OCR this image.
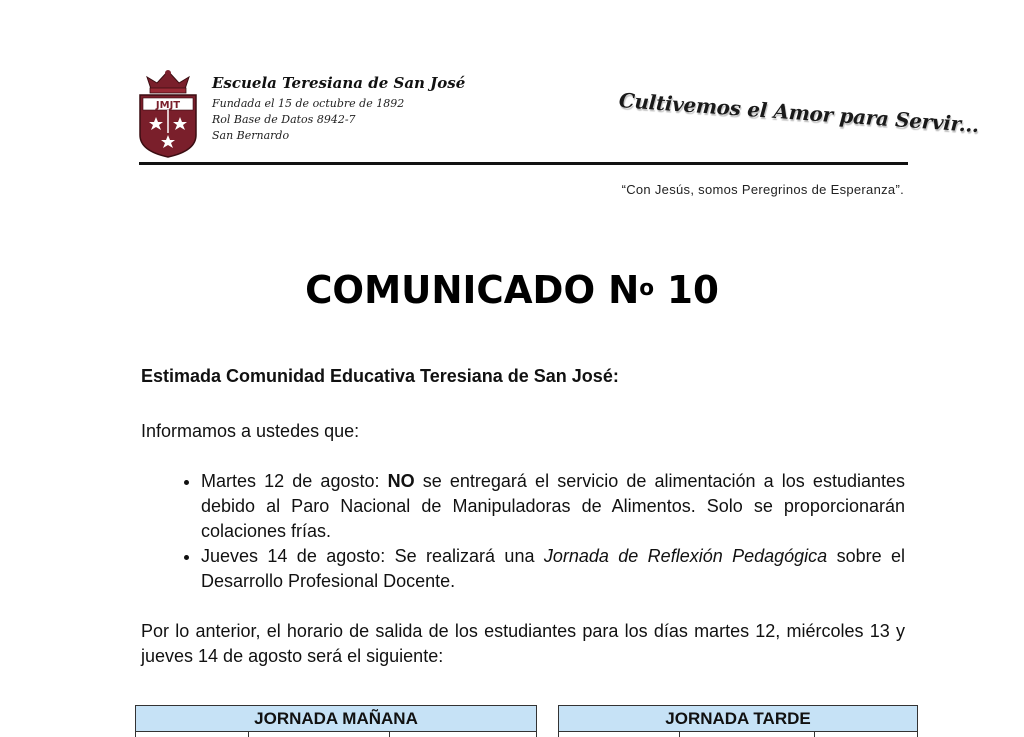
JMJT
Escuela Teresiana de San José
Fundada el 15 de octubre de 1892
Rol Base de Datos 8942-7
San Bernardo	Cultivemos el Amor para Servir...
“Con Jesús, somos Peregrinos de Esperanza”.
COMUNICADO $N^o$ 10

Estimada Comunidad Educativa Teresiana de San José:

Informamos a ustedes que:

• Martes 12 de agosto: NO se entregará el servicio de alimentación a los estudiantes debido al Paro Nacional de Manipuladoras de Alimentos. Solo se proporcionarán colaciones frías.
• Jueves 14 de agosto: Se realizará una Jornada de Reflexión Pedagógica sobre el Desarrollo Profesional Docente.

Por lo anterior, el horario de salida de los estudiantes para los días martes 12, miércoles 13 y jueves 14 de agosto será el siguiente:

JORNADA MAÑANA	JORNADA TARDE
